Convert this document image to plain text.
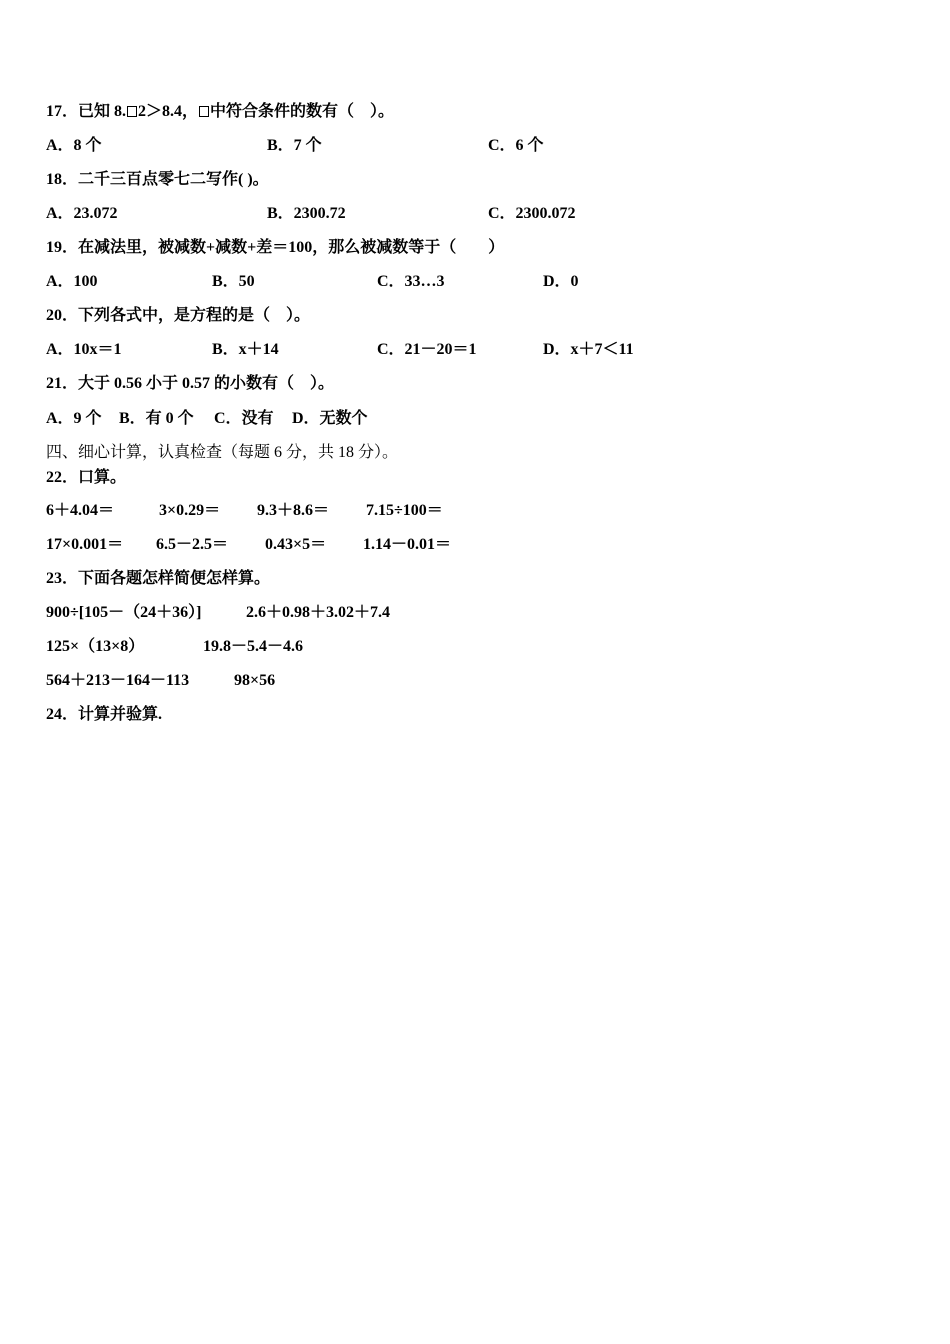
17．已知 8. 2＞8.4， 中符合条件的数有（　）。
A．8 个	B．7 个	C．6 个
18．二千三百点零七二写作( )。
A．23.072	B．2300.72	C．2300.072
19．在减法里，被减数+减数+差＝100，那么被减数等于（　　）
A．100	B．50	C．33…3	D．0
20．下列各式中，是方程的是（　）。
A．10x＝1	B．x＋14	C．21－20＝1	D．x＋7＜11
21．大于 0.56 小于 0.57 的小数有（　）。
A．9 个 B．有 0 个 C．没有 D．无数个
四、细心计算，认真检查（每题 6 分，共 18 分）。
22．口算。
6＋4.04＝	3×0.29＝ 9.3＋8.6＝ 7.15÷100＝
17×0.001＝ 6.5－2.5＝ 0.43×5＝ 1.14－0.01＝
23．下面各题怎样简便怎样算。
900÷[105－（24＋36）]	2.6＋0.98＋3.02＋7.4
125×（13×8）	19.8－5.4－4.6
564＋213－164－113	98×56
24．计算并验算.
